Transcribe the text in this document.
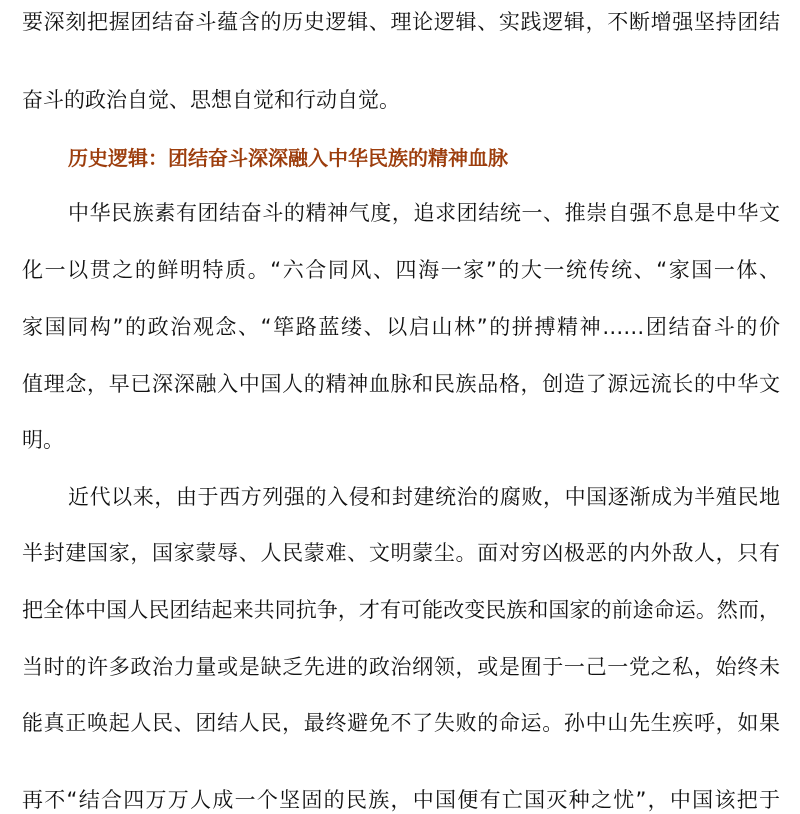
要深刻把握团结奋斗蕴含的历史逻辑、理论逻辑、实践逻辑，不断增强坚持团结
奋斗的政治自觉、思想自觉和行动自觉。
历史逻辑：团结奋斗深深融入中华民族的精神血脉
中华民族素有团结奋斗的精神气度，追求团结统一、推崇自强不息是中华文
化一以贯之的鲜明特质。“六合同风、四海一家”的大一统传统、“家国一体、
家国同构”的政治观念、“筚路蓝缕、以启山林”的拼搏精神……团结奋斗的价
值理念，早已深深融入中国人的精神血脉和民族品格，创造了源远流长的中华文
明。
近代以来，由于西方列强的入侵和封建统治的腐败，中国逐渐成为半殖民地
半封建国家，国家蒙辱、人民蒙难、文明蒙尘。面对穷凶极恶的内外敌人，只有
把全体中国人民团结起来共同抗争，才有可能改变民族和国家的前途命运。然而，
当时的许多政治力量或是缺乏先进的政治纲领，或是囿于一己一党之私，始终未
能真正唤起人民、团结人民，最终避免不了失败的命运。孙中山先生疾呼，如果
再不“结合四万万人成一个坚固的民族，中国便有亡国灭种之忧”，中国该把于
